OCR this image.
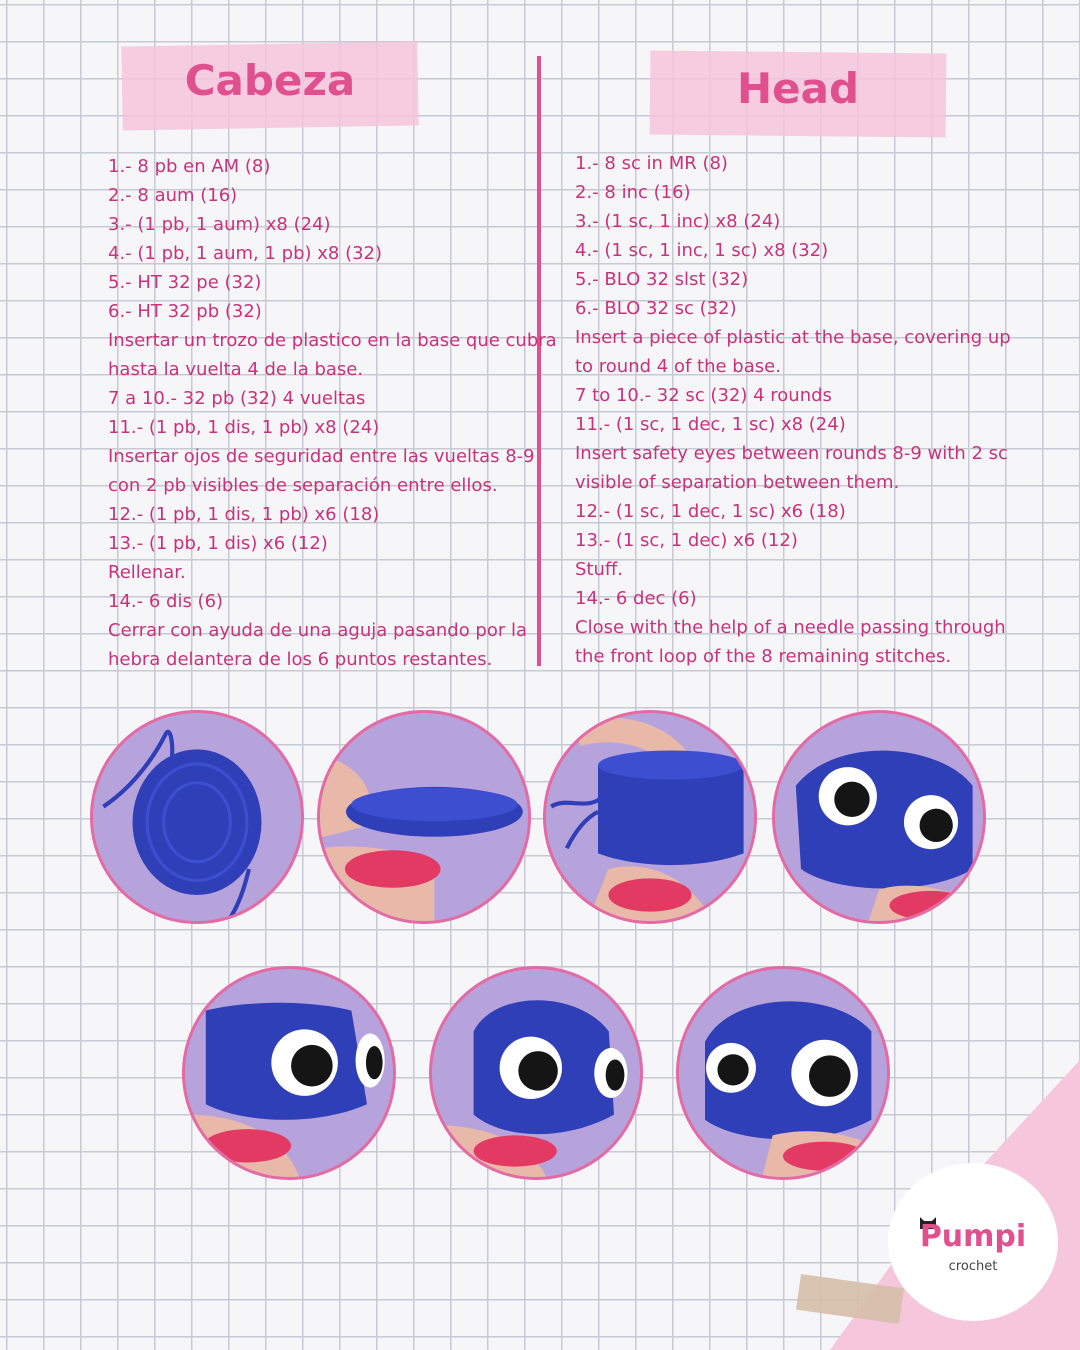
Cabeza	Head
1.- 8 pb en AM (8)
2.- 8 aum (16)
3.- (1 pb, 1 aum) x8 (24)
4.- (1 pb, 1 aum, 1 pb) x8 (32)
5.- HT 32 pe (32)
6.- HT 32 pb (32)
Insertar un trozo de plastico en la base que cubra
hasta la vuelta 4 de la base.
7 a 10.- 32 pb (32) 4 vueltas
11.- (1 pb, 1 dis, 1 pb) x8 (24)
Insertar ojos de seguridad entre las vueltas 8-9
con 2 pb visibles de separación entre ellos.
12.- (1 pb, 1 dis, 1 pb) x6 (18)
13.- (1 pb, 1 dis) x6 (12)
Rellenar.
14.- 6 dis (6)
Cerrar con ayuda de una aguja pasando por la
hebra delantera de los 6 puntos restantes.
1.- 8 sc in MR (8)
2.- 8 inc (16)
3.- (1 sc, 1 inc) x8 (24)
4.- (1 sc, 1 inc, 1 sc) x8 (32)
5.- BLO 32 slst (32)
6.- BLO 32 sc (32)
Insert a piece of plastic at the base, covering up
to round 4 of the base.
7 to 10.- 32 sc (32) 4 rounds
11.- (1 sc, 1 dec, 1 sc) x8 (24)
Insert safety eyes between rounds 8-9 with 2 sc
visible of separation between them.
12.- (1 sc, 1 dec, 1 sc) x6 (18)
13.- (1 sc, 1 dec) x6 (12)
Stuff.
14.- 6 dec (6)
Close with the help of a needle passing through
the front loop of the 8 remaining stitches.
Pumpi
crochet
